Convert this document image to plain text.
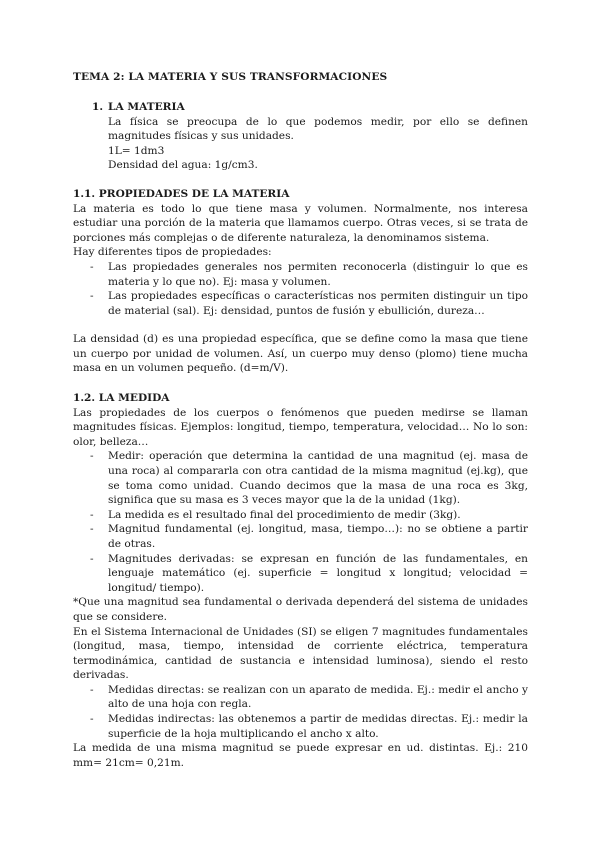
TEMA 2: LA MATERIA Y SUS TRANSFORMACIONES
1. LA MATERIA

La física se preocupa de lo que podemos medir, por ello se definen magnitudes físicas y sus unidades.

1L= 1dm3

Densidad del agua: 1g/cm3.

1.1. PROPIEDADES DE LA MATERIA

La materia es todo lo que tiene masa y volumen. Normalmente, nos interesa estudiar una porción de la materia que llamamos cuerpo. Otras veces, si se trata de porciones más complejas o de diferente naturaleza, la denominamos sistema.

Hay diferentes tipos de propiedades:

- Las propiedades generales nos permiten reconocerla (distinguir lo que es materia y lo que no). Ej: masa y volumen.
- Las propiedades específicas o características nos permiten distinguir un tipo de material (sal). Ej: densidad, puntos de fusión y ebullición, dureza…
La densidad (d) es una propiedad específica, que se define como la masa que tiene un cuerpo por unidad de volumen. Así, un cuerpo muy denso (plomo) tiene mucha masa en un volumen pequeño. (d=m/V).

1.2. LA MEDIDA

Las propiedades de los cuerpos o fenómenos que pueden medirse se llaman magnitudes físicas. Ejemplos: longitud, tiempo, temperatura, velocidad… No lo son: olor, belleza…

- Medir: operación que determina la cantidad de una magnitud (ej. masa de una roca) al compararla con otra cantidad de la misma magnitud (ej.kg), que se toma como unidad. Cuando decimos que la masa de una roca es 3kg, significa que su masa es 3 veces mayor que la de la unidad (1kg).
- La medida es el resultado final del procedimiento de medir (3kg).
- Magnitud fundamental (ej. longitud, masa, tiempo…): no se obtiene a partir de otras.
- Magnitudes derivadas: se expresan en función de las fundamentales, en lenguaje matemático (ej. superficie = longitud x longitud; velocidad = longitud/ tiempo).

*Que una magnitud sea fundamental o derivada dependerá del sistema de unidades que se considere.

En el Sistema Internacional de Unidades (SI) se eligen 7 magnitudes fundamentales (longitud, masa, tiempo, intensidad de corriente eléctrica, temperatura termodinámica, cantidad de sustancia e intensidad luminosa), siendo el resto derivadas.

- Medidas directas: se realizan con un aparato de medida. Ej.: medir el ancho y alto de una hoja con regla.
- Medidas indirectas: las obtenemos a partir de medidas directas. Ej.: medir la superficie de la hoja multiplicando el ancho x alto.

La medida de una misma magnitud se puede expresar en ud. distintas. Ej.: 210 mm= 21cm= 0,21m.
